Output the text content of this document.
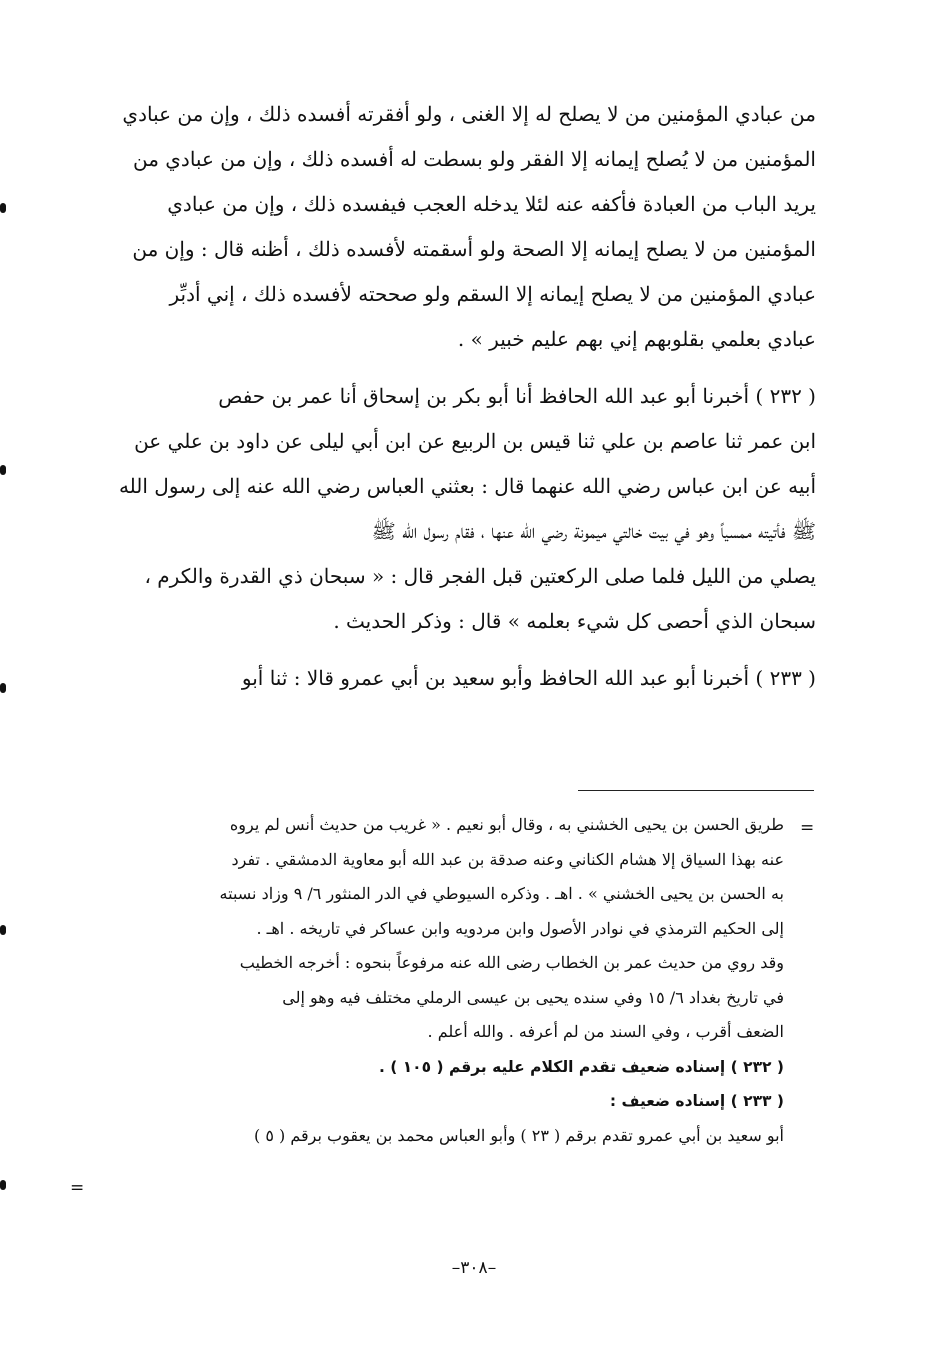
من عبادي المؤمنين من لا يصلح له إلا الغنى ، ولو أفقرته أفسده ذلك ، وإن من عبادي
المؤمنين من لا يُصلح إيمانه إلا الفقر ولو بسطت له أفسده ذلك ، وإن من عبادي من
يريد الباب من العبادة فأكفه عنه لئلا يدخله العجب فيفسده ذلك ، وإن من عبادي
المؤمنين من لا يصلح إيمانه إلا الصحة ولو أسقمته لأفسده ذلك ، أظنه قال : وإن من
عبادي المؤمنين من لا يصلح إيمانه إلا السقم ولو صححته لأفسده ذلك ، إني أدبِّر
عبادي بعلمي بقلوبهم إني بهم عليم خبير » .

( ٢٣٢ ) أخبرنا أبو عبد الله الحافظ أنا أبو بكر بن إسحاق أنا عمر بن حفص
ابن عمر ثنا عاصم بن علي ثنا قيس بن الربيع عن ابن أبي ليلى عن داود بن علي عن
أبيه عن ابن عباس رضي الله عنهما قال : بعثني العباس رضي الله عنه إلى رسول الله
ﷺ فأتيته ممسياً وهو في بيت خالتي ميمونة رضي الله عنها ، فقام رسول الله ﷺ
يصلي من الليل فلما صلى الركعتين قبل الفجر قال : « سبحان ذي القدرة والكرم ،
سبحان الذي أحصى كل شيء بعلمه » قال : وذكر الحديث .

( ٢٣٣ ) أخبرنا أبو عبد الله الحافظ وأبو سعيد بن أبي عمرو قالا : ثنا أبو

=

طريق الحسن بن يحيى الخشني به ، وقال أبو نعيم . « غريب من حديث أنس لم يروه
عنه بهذا السياق إلا هشام الكناني وعنه صدقة بن عبد الله أبو معاوية الدمشقي . تفرد
به الحسن بن يحيى الخشني » . اهـ . وذكره السيوطي في الدر المنثور ٦/ ٩ وزاد نسبته
إلى الحكيم الترمذي في نوادر الأصول وابن مردويه وابن عساكر في تاريخه . اهـ .
وقد روي من حديث عمر بن الخطاب رضى الله عنه مرفوعاً بنحوه : أخرجه الخطيب
في تاريخ بغداد ٦/ ١٥ وفي سنده يحيى بن عيسى الرملي مختلف فيه وهو إلى
الضعف أقرب ، وفي السند من لم أعرفه . والله أعلم .

( ٢٣٢ ) إسناده ضعيف تقدم الكلام عليه برقم ( ١٠٥ ) .

( ٢٣٣ ) إسناده ضعيف :

أبو سعيد بن أبي عمرو تقدم برقم ( ٢٣ ) وأبو العباس محمد بن يعقوب برقم ( ٥ )

=
–٣٠٨–
